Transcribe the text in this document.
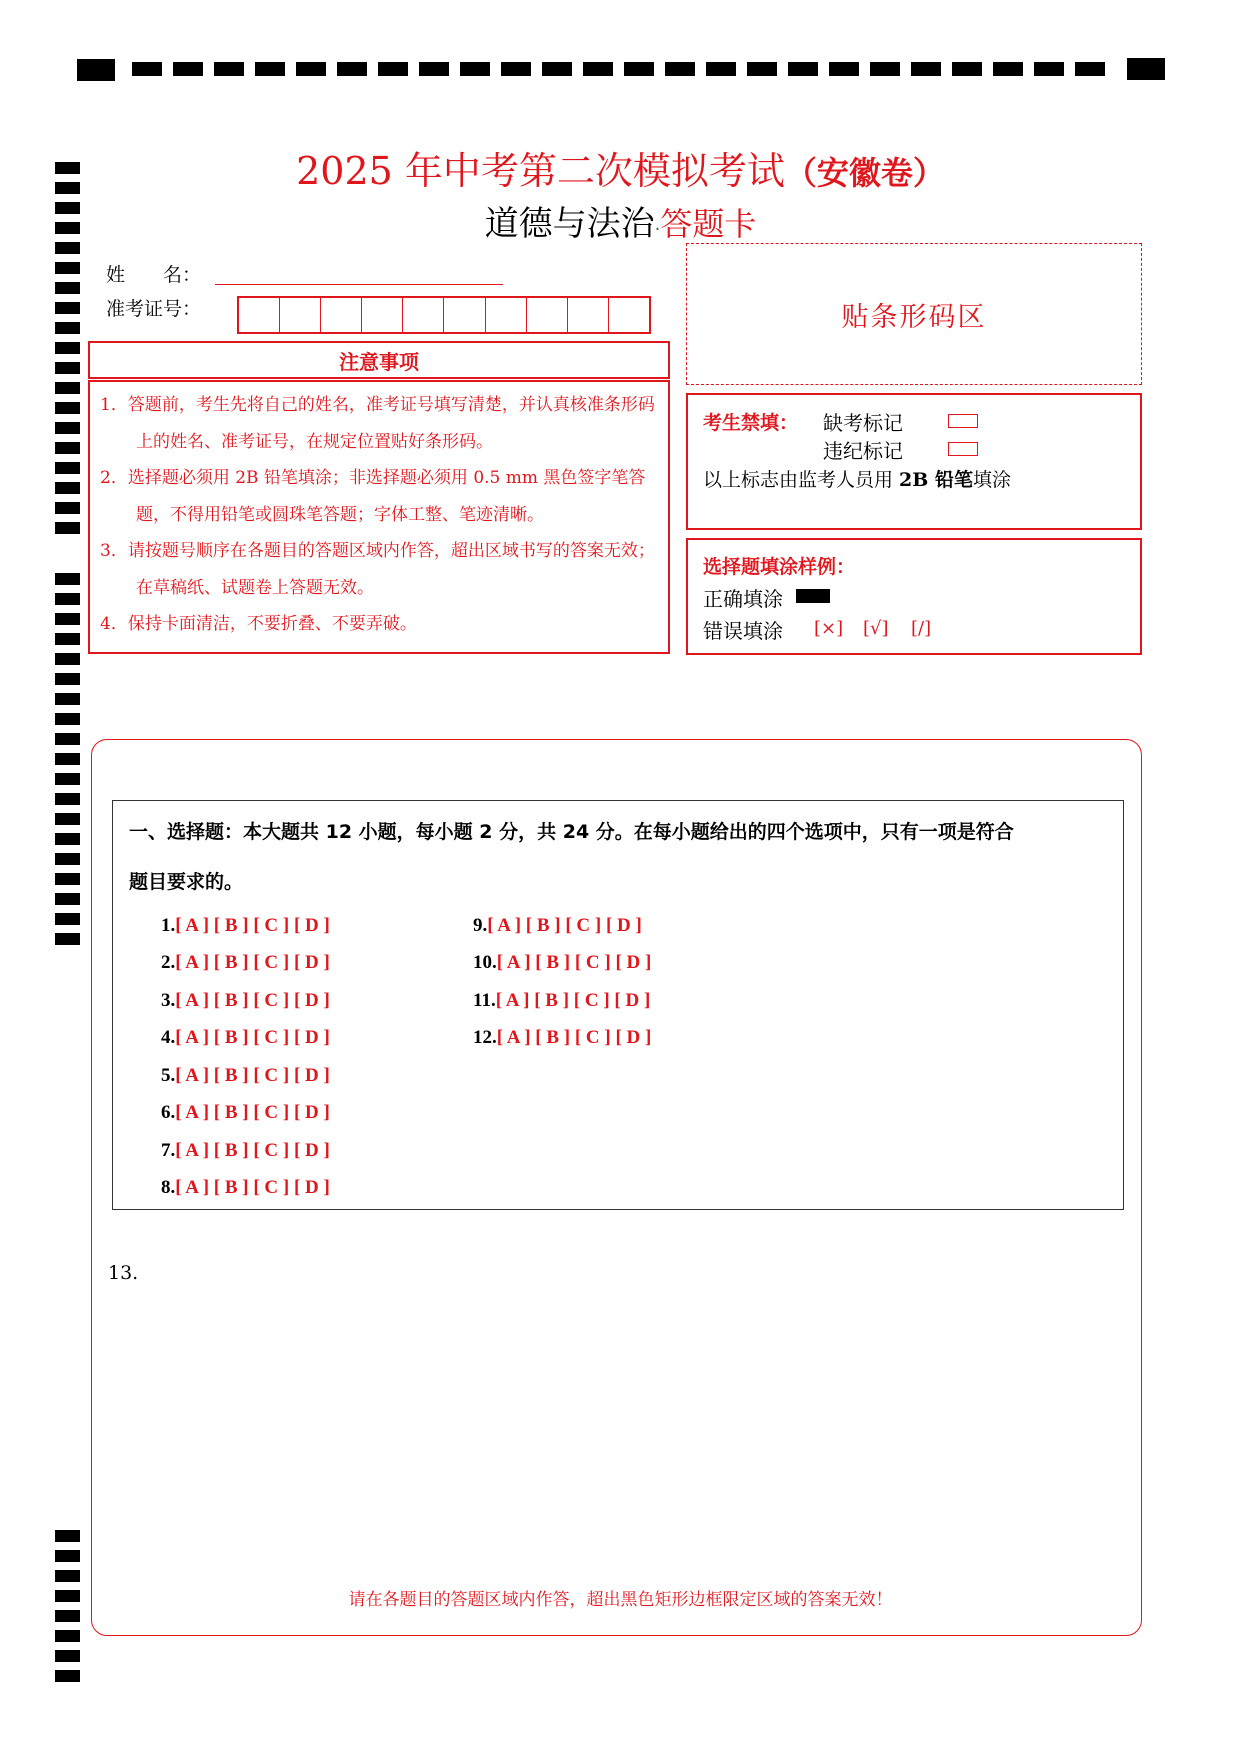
2025 年中考第二次模拟考试（安徽卷）
道德与法治·答题卡
姓　　名：
准考证号：	贴条形码区
注意事项
1．答题前，考生先将自己的姓名，准考证号填写清楚，并认真核准条形码上的姓名、准考证号，在规定位置贴好条形码。
2．选择题必须用 2B 铅笔填涂；非选择题必须用 0.5 mm 黑色签字笔答题，不得用铅笔或圆珠笔答题；字体工整、笔迹清晰。
3．请按题号顺序在各题目的答题区域内作答，超出区域书写的答案无效；在草稿纸、试题卷上答题无效。
4．保持卡面清洁，不要折叠、不要弄破。
考生禁填： 缺考标记
违纪标记
以上标志由监考人员用 2B 铅笔填涂
选择题填涂样例：
正确填涂
错误填涂 [×] [√] [/]
一、选择题：本大题共 12 小题，每小题 2 分，共 24 分。在每小题给出的四个选项中，只有一项是符合
题目要求的。
1.[ A ] [ B ] [ C ] [ D ]
2.[ A ] [ B ] [ C ] [ D ]
3.[ A ] [ B ] [ C ] [ D ]
4.[ A ] [ B ] [ C ] [ D ]
5.[ A ] [ B ] [ C ] [ D ]
6.[ A ] [ B ] [ C ] [ D ]
7.[ A ] [ B ] [ C ] [ D ]
8.[ A ] [ B ] [ C ] [ D ]
9.[ A ] [ B ] [ C ] [ D ]
10.[ A ] [ B ] [ C ] [ D ]
11.[ A ] [ B ] [ C ] [ D ]
12.[ A ] [ B ] [ C ] [ D ]
13.
请在各题目的答题区域内作答，超出黑色矩形边框限定区域的答案无效！
